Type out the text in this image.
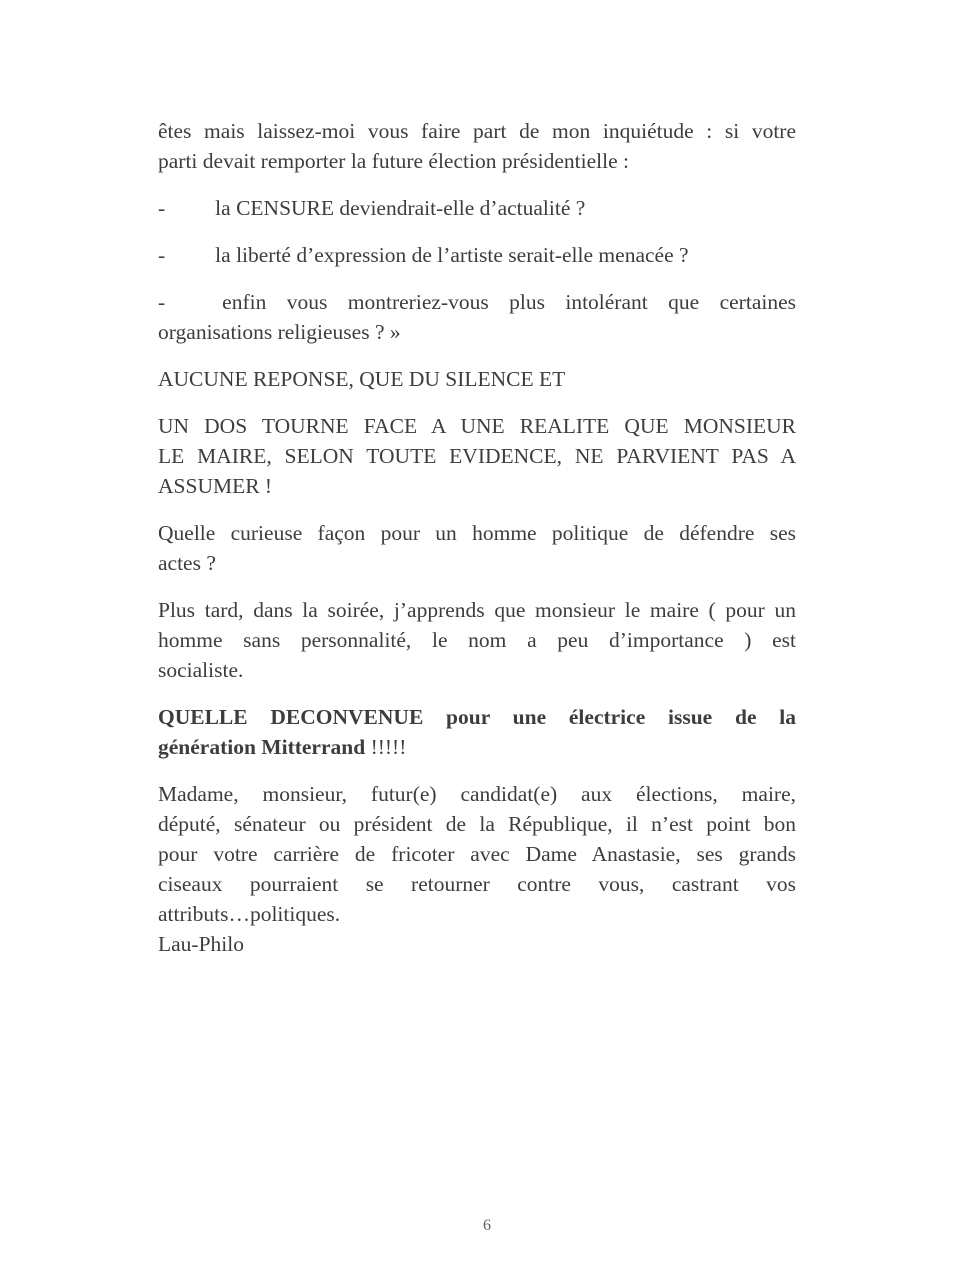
êtes mais laissez-moi vous faire part de mon inquiétude : si votre
parti devait remporter la future élection présidentielle :
- la CENSURE deviendrait-elle d’actualité ?
- la liberté d’expression de l’artiste serait-elle menacée ?
-	enfin vous montreriez-vous plus intolérant que certaines
organisations religieuses ? »
AUCUNE REPONSE, QUE DU SILENCE ET
UN DOS TOURNE FACE A UNE REALITE QUE MONSIEUR
LE MAIRE, SELON TOUTE EVIDENCE, NE PARVIENT PAS A
ASSUMER !
Quelle curieuse façon pour un homme politique de défendre ses
actes ?
Plus tard, dans la soirée, j’apprends que monsieur le maire ( pour un
homme sans personnalité, le nom a peu d’importance ) est
socialiste.
QUELLE DECONVENUE pour une électrice issue de la
génération Mitterrand !!!!!
Madame, monsieur, futur(e) candidat(e) aux élections, maire,
député, sénateur ou président de la République, il n’est point bon
pour votre carrière de fricoter avec Dame Anastasie, ses grands
ciseaux pourraient se retourner contre vous, castrant vos
attributs…politiques.
Lau-Philo
6
